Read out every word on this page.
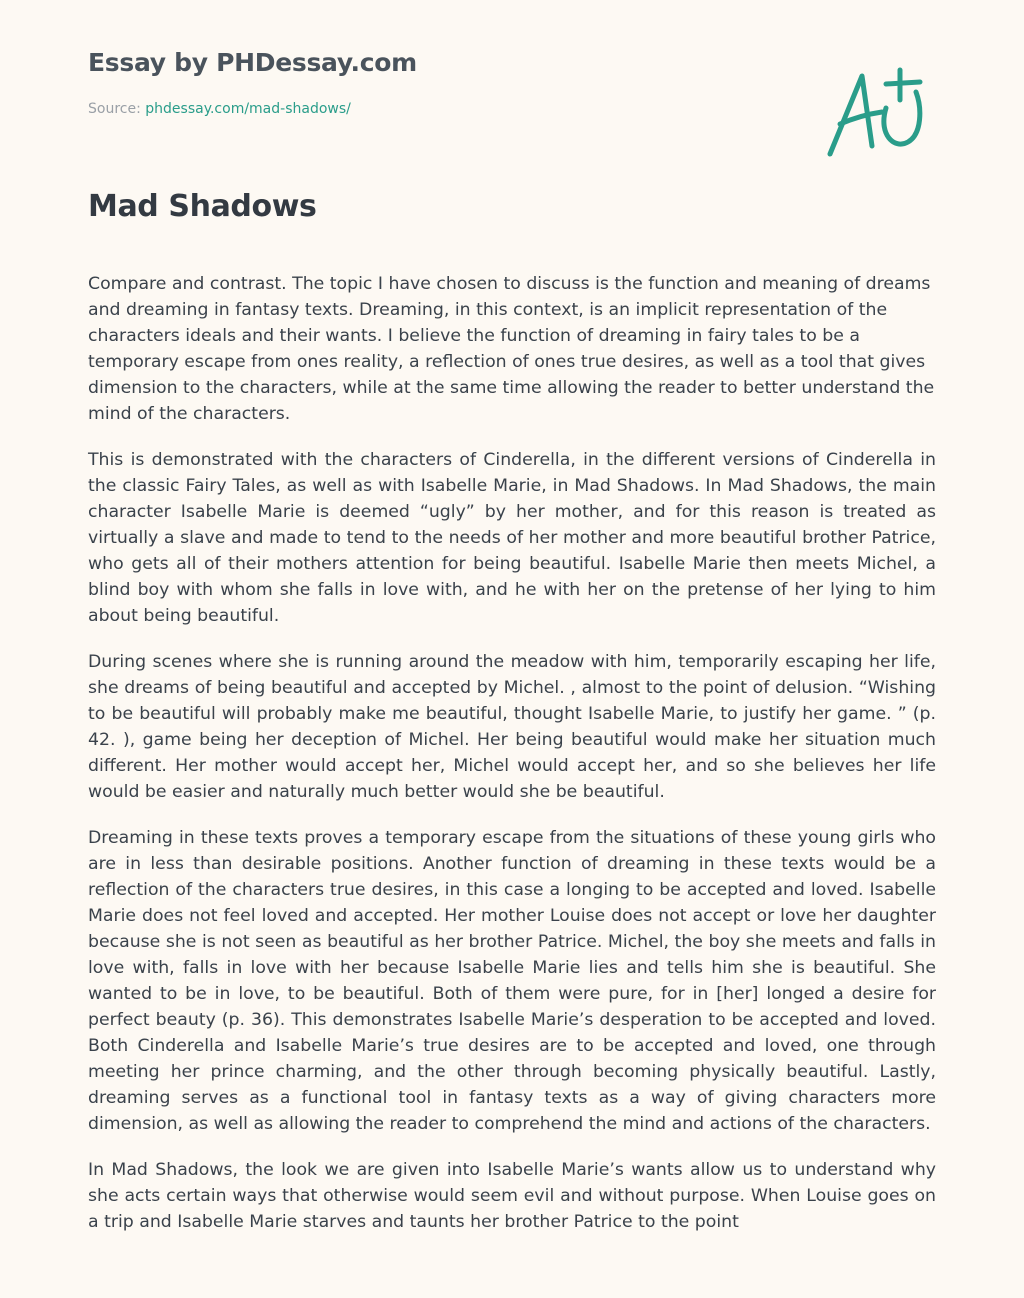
Essay by PHDessay.com
Source: phdessay.com/mad-shadows/
Mad Shadows

Compare and contrast. The topic I have chosen to discuss is the function and meaning of dreams and dreaming in fantasy texts. Dreaming, in this context, is an implicit representation of the characters ideals and their wants. I believe the function of dreaming in fairy tales to be a temporary escape from ones reality, a reflection of ones true desires, as well as a tool that gives dimension to the characters, while at the same time allowing the reader to better understand the mind of the characters.

This is demonstrated with the characters of Cinderella, in the different versions of Cinderella in the classic Fairy Tales, as well as with Isabelle Marie, in Mad Shadows. In Mad Shadows, the main character Isabelle Marie is deemed “ugly” by her mother, and for this reason is treated as virtually a slave and made to tend to the needs of her mother and more beautiful brother Patrice, who gets all of their mothers attention for being beautiful. Isabelle Marie then meets Michel, a blind boy with whom she falls in love with, and he with her on the pretense of her lying to him about being beautiful.

During scenes where she is running around the meadow with him, temporarily escaping her life, she dreams of being beautiful and accepted by Michel. , almost to the point of delusion. “Wishing to be beautiful will probably make me beautiful, thought Isabelle Marie, to justify her game. ” (p. 42. ), game being her deception of Michel. Her being beautiful would make her situation much different. Her mother would accept her, Michel would accept her, and so she believes her life would be easier and naturally much better would she be beautiful.

Dreaming in these texts proves a temporary escape from the situations of these young girls who are in less than desirable positions. Another function of dreaming in these texts would be a reflection of the characters true desires, in this case a longing to be accepted and loved. Isabelle Marie does not feel loved and accepted. Her mother Louise does not accept or love her daughter because she is not seen as beautiful as her brother Patrice. Michel, the boy she meets and falls in love with, falls in love with her because Isabelle Marie lies and tells him she is beautiful. She wanted to be in love, to be beautiful. Both of them were pure, for in [her] longed a desire for perfect beauty (p. 36). This demonstrates Isabelle Marie’s desperation to be accepted and loved. Both Cinderella and Isabelle Marie’s true desires are to be accepted and loved, one through meeting her prince charming, and the other through becoming physically beautiful. Lastly, dreaming serves as a functional tool in fantasy texts as a way of giving characters more dimension, as well as allowing the reader to comprehend the mind and actions of the characters.

In Mad Shadows, the look we are given into Isabelle Marie’s wants allow us to understand why she acts certain ways that otherwise would seem evil and without purpose. When Louise goes on a trip and Isabelle Marie starves and taunts her brother Patrice to the point
